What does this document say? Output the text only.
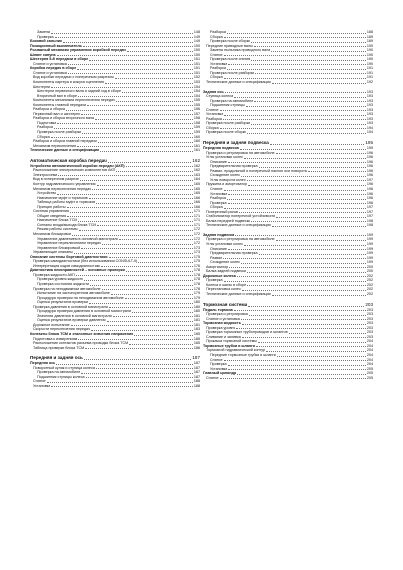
Замена	148
Проверка	149
Боковой сальник	149
Позиционный выключатель	150
Рычажный механизм управления коробкой передач	150
Шланг сапуна	150
Шестерня 5-й передачи в сборе	151
Снятие и установка	151
Коробка передач в сборе	151
Снятие и установка	151
Вид коробки передачи с поперечным разрезом	152
Компоненты картера и кожуха сцепления	153
Шестерни	154
Шестерни первичного вала и задний ход в сборе	154
Вторичный вал в сборе	154
Компоненты механизма переключения передач	155
Компоненты главной передачи	155
Разборка и сборка	156
Первичный вал и шестерни	157
Разборка и сборка вторичного вала	158
Подготовка	158
Разборка	159
Проверка после разборки	159
Сборка	160
Разборка и сборка главной передачи	160
Механизм переключения	161
Технические данные и спецификации	161
Автоматическая коробка передач	162
Устройство автоматической коробки передач (АКП)	162
Расположение электрических компонентов АКП	162
Электросхема	163
Вид в поперечном разрезе	164
Контур гидравлического управления	165
Механизм переключения передач	165
Устройство	165
Назначение муфт и тормозов	166
Таблица работы муфт и тормозов	166
Принцип работы	166
Система управления	171
Общие сведения	171
Назначение блока ТСМ	171
Сигналы входа/выхода блока ТСМ	171
Режим работы системы	172
Механизм блокировки	172
Управление давлением в основной магистрали	172
Управление переключением передач	172
Управление блокировкой	173
Управляющие клапаны	173
Описание системы бортовой диагностики	175
Проверка самодиагностики (без использования CONSULT-II)	175
Интерпретация кодов самодиагностики	176
Диагностика неисправностей – основные проверки	178
Проверка жидкости АКП	178
Проверка уровня жидкости	178
Проверка состояния жидкости	178
Проверка на неподвижном автомобиле	178
Испытание на застопоренном автомобиле	179
Процедура проверки на неподвижном автомобиле	179
Оценка результатов проверки	180
Проверка давления в основной магистрали	180
Процедура проверки давления в основной магистрали	180
Значения давления в основной магистрали	181
Оценка результатов проверки давления	181
Дорожное испытание	181
Скорости переключения передач	183
Контакты блока ТСМ и эталонные значения напряжения	185
Подготовка к измерениям	185
Расположение контактов разъема проводки блока ТСМ	185
Таблица проверки блока ТСМ	186
Передняя и задняя ось	187
Передняя ось	187
Поворотный кулак и ступица колеса	187
Проверка на автомобиле	187
Подшипник ступицы колеса	187
Снятие	188
Установка	188
Разборка	188
Сборка	189
Проверка после сборки	189
Передние приводные валы	190
Замена пыльника приводного вала	190
Снятие	190
Проверка после снятия	190
Установка	190
Разборка	191
Проверка после разборки	191
Сборка	191
Технические данные и спецификации	192
Задняя ось	193
Ступица колеса	193
Проверка на автомобиле	193
Подшипник ступицы	193
Снятие	193
Установка	193
Разборка	193
Проверка после разборки	193
Сборка	194
Проверка после сборки	194
Передняя и задняя подвеска	195
Передняя подвеска	195
Проверка и регулировка на автомобиле	196
Углы установки колес	196
Описание	196
Предварительная проверка	196
Развал, продольный и поперечный наклон оси поворота	196
Схождение колес	196
Углы поворота колес	197
Пружина и амортизатор	196
Снятие	196
Установка	196
Разборка	196
Проверка	196
Сборка	197
Поперечный рычаг	197
Стабилизатор поперечной устойчивости	197
Балка передней подвески	198
Технические данные и спецификации	198
Задняя подвеска	199
Проверка и регулировка на автомобиле	199
Углы установки колес	199
Описание	199
Предварительная проверка	199
Развал	199
Схождение колес	199
Амортизатор	200
Балка задней подвески	200
Дорожные колеса	202
Проверка	202
Колеса и шины в сборе	202
Перестановка колес	202
Технические данные и спецификации	202
Тормозная система	203
Педаль тормоза	203
Проверка и регулировка	203
Снятие и установка	203
Тормозная жидкость	203
Проверка уровня	203
Проверка тормозных трубопроводов и шлангов	203
Сливание и заливка	203
Прокачка тормозной системы	204
Тормозные трубки и шланги	204
Тормозной гидравлический контур	204
Передние тормозные трубки и шланги	204
Снятие	204
Проверка	204
Установка	205
Главный цилиндр	205
Снятие	205
